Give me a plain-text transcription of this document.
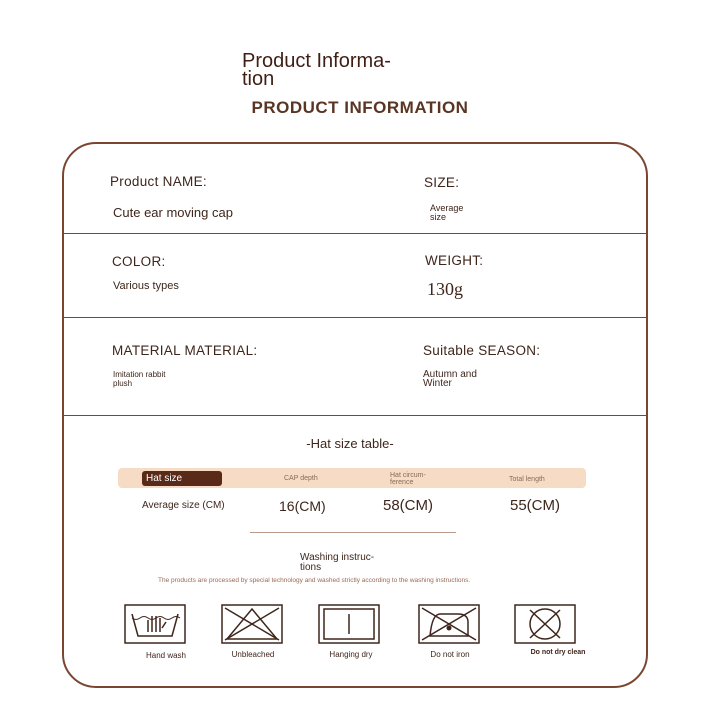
Product Informa-
tion
PRODUCT INFORMATION
Product NAME:
Cute ear moving cap
SIZE:
Average
size
COLOR:
Various types
WEIGHT:
130g
MATERIAL MATERIAL:
Imitation rabbit
plush
Suitable SEASON:
Autumn and
Winter
-Hat size table-
Hat size	CAP depth	Hat circum-
ference	Total length
Average size (CM)	16(CM)	58(CM)	55(CM)
Washing instruc-
tions
The products are processed by special technology and washed strictly according to the washing instructions.
Hand wash	Unbleached	Hanging dry	Do not iron	Do not dry clean
